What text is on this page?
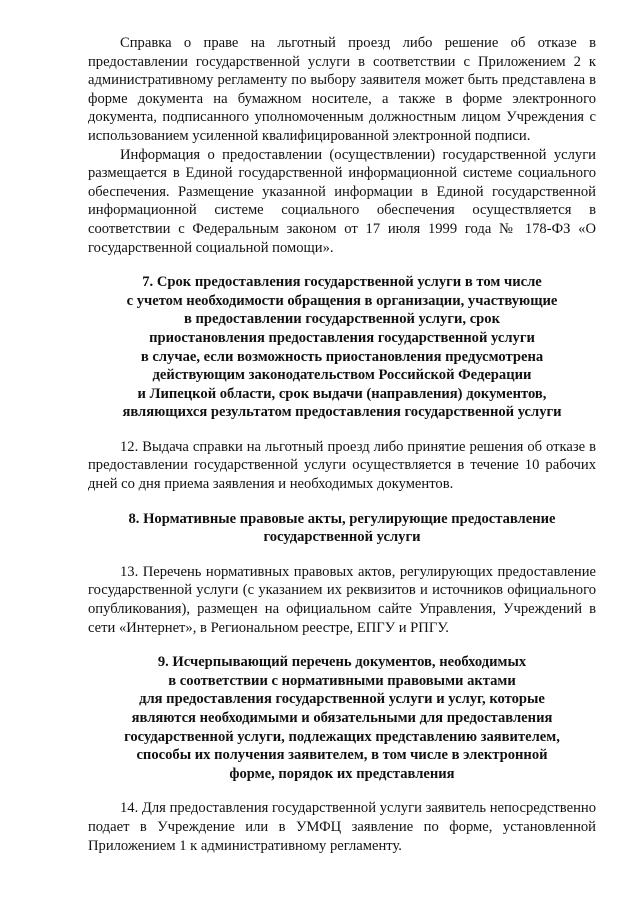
Справка о праве на льготный проезд либо решение об отказе в предоставлении государственной услуги в соответствии с Приложением 2 к административному регламенту по выбору заявителя может быть представлена в форме документа на бумажном носителе, а также в форме электронного документа, подписанного уполномоченным должностным лицом Учреждения с использованием усиленной квалифицированной электронной подписи.

Информация о предоставлении (осуществлении) государственной услуги размещается в Единой государственной информационной системе социального обеспечения. Размещение указанной информации в Единой государственной информационной системе социального обеспечения осуществляется в соответствии с Федеральным законом от 17 июля 1999 года № 178-ФЗ «О государственной социальной помощи».

7. Срок предоставления государственной услуги в том числе
с учетом необходимости обращения в организации, участвующие
в предоставлении государственной услуги, срок
приостановления предоставления государственной услуги
в случае, если возможность приостановления предусмотрена
действующим законодательством Российской Федерации
и Липецкой области, срок выдачи (направления) документов,
являющихся результатом предоставления государственной услуги

12. Выдача справки на льготный проезд либо принятие решения об отказе в предоставлении государственной услуги осуществляется в течение 10 рабочих дней со дня приема заявления и необходимых документов.

8. Нормативные правовые акты, регулирующие предоставление
государственной услуги

13. Перечень нормативных правовых актов, регулирующих предоставление государственной услуги (с указанием их реквизитов и источников официального опубликования), размещен на официальном сайте Управления, Учреждений в сети «Интернет», в Региональном реестре, ЕПГУ и РПГУ.

9. Исчерпывающий перечень документов, необходимых
в соответствии с нормативными правовыми актами
для предоставления государственной услуги и услуг, которые
являются необходимыми и обязательными для предоставления
государственной услуги, подлежащих представлению заявителем,
способы их получения заявителем, в том числе в электронной
форме, порядок их представления

14. Для предоставления государственной услуги заявитель непосредственно подает в Учреждение или в УМФЦ заявление по форме, установленной Приложением 1 к административному регламенту.
